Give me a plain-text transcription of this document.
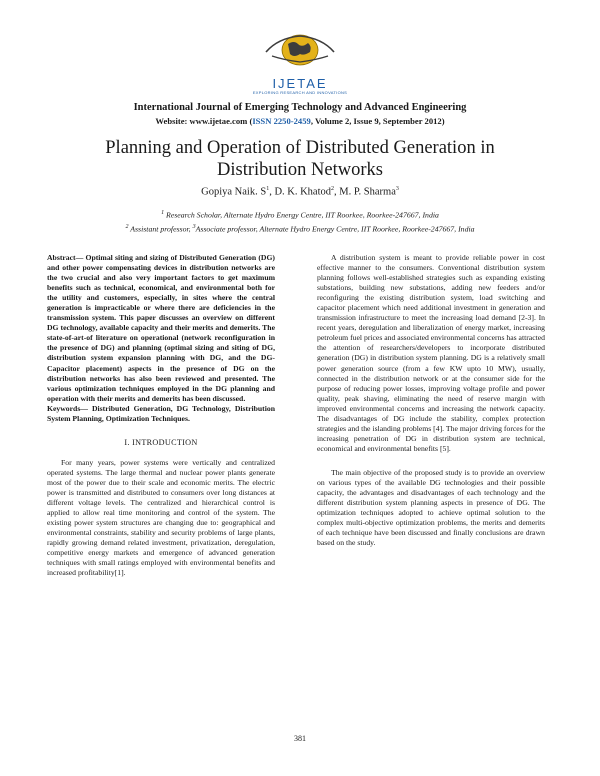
IJETAE
EXPLORING RESEARCH AND INNOVATIONS
International Journal of Emerging Technology and Advanced Engineering
Website: www.ijetae.com (ISSN 2250-2459, Volume 2, Issue 9, September 2012)
Planning and Operation of Distributed Generation in Distribution Networks
Gopiya Naik. $S^1$, D. K. Khatod$^2$, M. P. Sharma$^3$
$^1$ Research Scholar, Alternate Hydro Energy Centre, IIT Roorkee, Roorkee-247667, India
$^2$ Assistant professor, $^3$Associate professor, Alternate Hydro Energy Centre, IIT Roorkee, Roorkee-247667, India

Abstract— Optimal siting and sizing of Distributed Generation (DG) and other power compensating devices in distribution networks are the two crucial and also very important factors to get maximum benefits such as technical, economical, and environmental both for the utility and customers, especially, in sites where the central generation is impracticable or where there are deficiencies in the transmission system. This paper discusses an overview on different DG technology, available capacity and their merits and demerits. The state-of-art-of literature on operational (network reconfiguration in the presence of DG) and planning (optimal sizing and siting of DG, distribution system expansion planning with DG, and the DG-Capacitor placement) aspects in the presence of DG on the distribution networks has also been reviewed and presented. The various optimization techniques employed in the DG planning and operation with their merits and demerits has been discussed.

Keywords— Distributed Generation, DG Technology, Distribution System Planning, Optimization Techniques.

I. INTRODUCTION

For many years, power systems were vertically and centralized operated systems. The large thermal and nuclear power plants generate most of the power due to their scale and economic merits. The electric power is transmitted and distributed to consumers over long distances at different voltage levels. The centralized and hierarchical control is applied to allow real time monitoring and control of the system. The existing power system structures are changing due to: geographical and environmental constraints, stability and security problems of large plants, rapidly growing demand related investment, privatization, deregulation, competitive energy markets and emergence of advanced generation techniques with small ratings employed with environmental benefits and increased profitability[1].

A distribution system is meant to provide reliable power in cost effective manner to the consumers. Conventional distribution system planning follows well-established strategies such as expanding existing substations, building new substations, adding new feeders and/or reconfiguring the existing distribution system, load switching and capacitor placement which need additional investment in generation and transmission infrastructure to meet the increasing load demand [2-3]. In recent years, deregulation and liberalization of energy market, increasing petroleum fuel prices and associated environmental concerns has attracted the attention of researchers/developers to incorporate distributed generation (DG) in distribution system planning. DG is a relatively small power generation source (from a few KW upto 10 MW), usually, connected in the distribution network or at the consumer side for the purpose of reducing power losses, improving voltage profile and power quality, peak shaving, eliminating the need of reserve margin with improved environmental concerns and increasing the network capacity. The disadvantages of DG include the stability, complex protection strategies and the islanding problems [4]. The major driving forces for the increasing penetration of DG in distribution system are technical, economical and environmental benefits [5].

The main objective of the proposed study is to provide an overview on various types of the available DG technologies and their possible capacity, the advantages and disadvantages of each technology and the different distribution system planning aspects in presence of DG. The optimization techniques adopted to achieve optimal solution to the complex multi-objective optimization problems, the merits and demerits of each technique have been discussed and finally conclusions are drawn based on the study.

381
